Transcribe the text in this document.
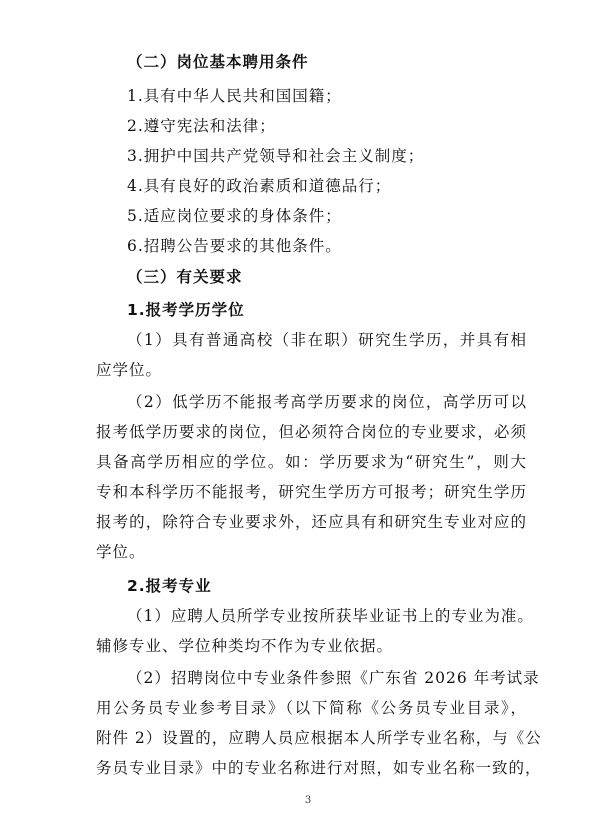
（二）岗位基本聘用条件
1.具有中华人民共和国国籍；
2.遵守宪法和法律；
3.拥护中国共产党领导和社会主义制度；
4.具有良好的政治素质和道德品行；
5.适应岗位要求的身体条件；
6.招聘公告要求的其他条件。
（三）有关要求
1.报考学历学位
（1）具有普通高校（非在职）研究生学历，并具有相
应学位。
（2）低学历不能报考高学历要求的岗位，高学历可以
报考低学历要求的岗位，但必须符合岗位的专业要求，必须
具备高学历相应的学位。如：学历要求为“研究生”，则大
专和本科学历不能报考，研究生学历方可报考；研究生学历
报考的，除符合专业要求外，还应具有和研究生专业对应的
学位。
2.报考专业
（1）应聘人员所学专业按所获毕业证书上的专业为准。
辅修专业、学位种类均不作为专业依据。
（2）招聘岗位中专业条件参照《广东省 2026 年考试录
用公务员专业参考目录》（以下简称《公务员专业目录》，
附件 2）设置的，应聘人员应根据本人所学专业名称，与《公
务员专业目录》中的专业名称进行对照，如专业名称一致的，
3
